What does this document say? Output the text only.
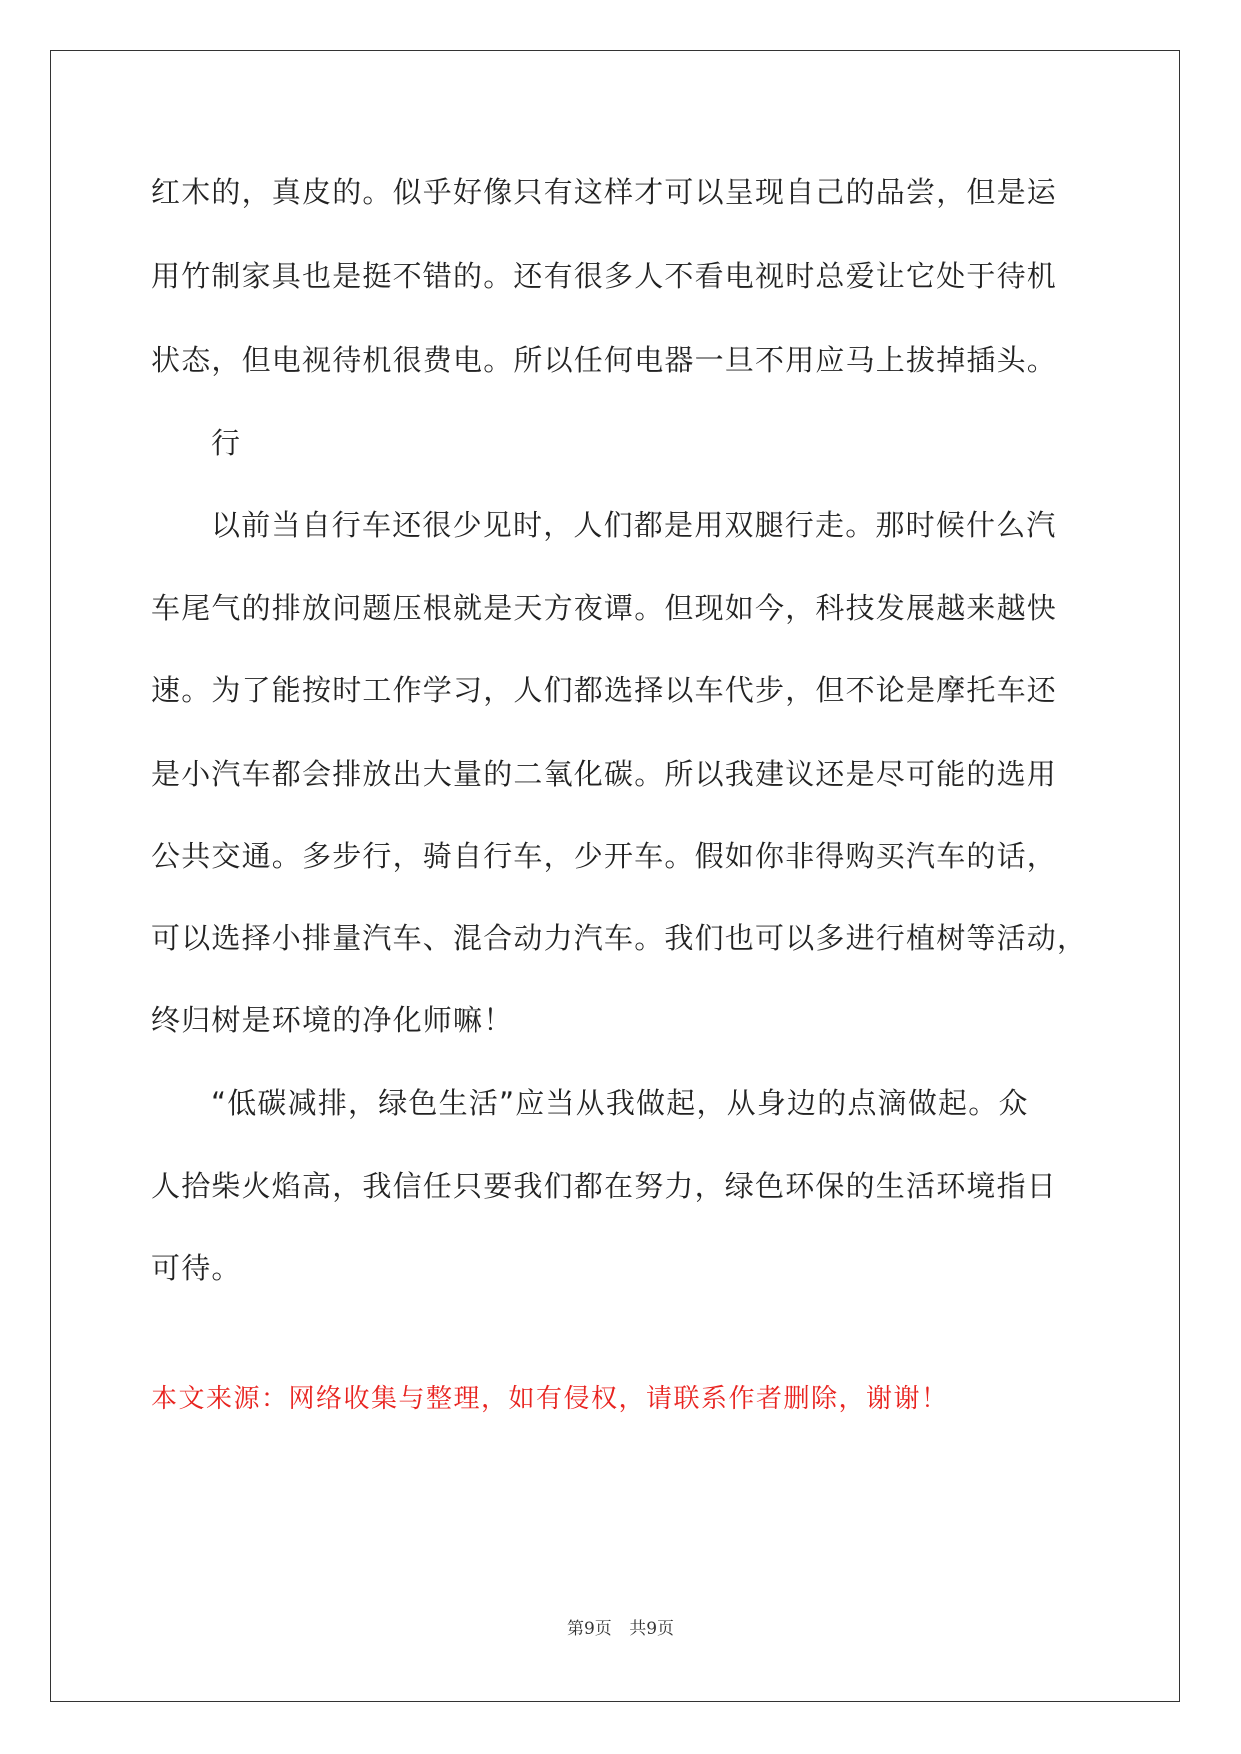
红木的，真皮的。似乎好像只有这样才可以呈现自己的品尝，但是运
用竹制家具也是挺不错的。还有很多人不看电视时总爱让它处于待机
状态，但电视待机很费电。所以任何电器一旦不用应马上拔掉插头。
行
以前当自行车还很少见时，人们都是用双腿行走。那时候什么汽
车尾气的排放问题压根就是天方夜谭。但现如今，科技发展越来越快
速。为了能按时工作学习，人们都选择以车代步，但不论是摩托车还
是小汽车都会排放出大量的二氧化碳。所以我建议还是尽可能的选用
公共交通。多步行，骑自行车，少开车。假如你非得购买汽车的话，
可以选择小排量汽车、混合动力汽车。我们也可以多进行植树等活动，
终归树是环境的净化师嘛！
“低碳减排，绿色生活”应当从我做起，从身边的点滴做起。众
人拾柴火焰高，我信任只要我们都在努力，绿色环保的生活环境指日
可待。
本文来源：网络收集与整理，如有侵权，请联系作者删除，谢谢！
第9页 共9页
